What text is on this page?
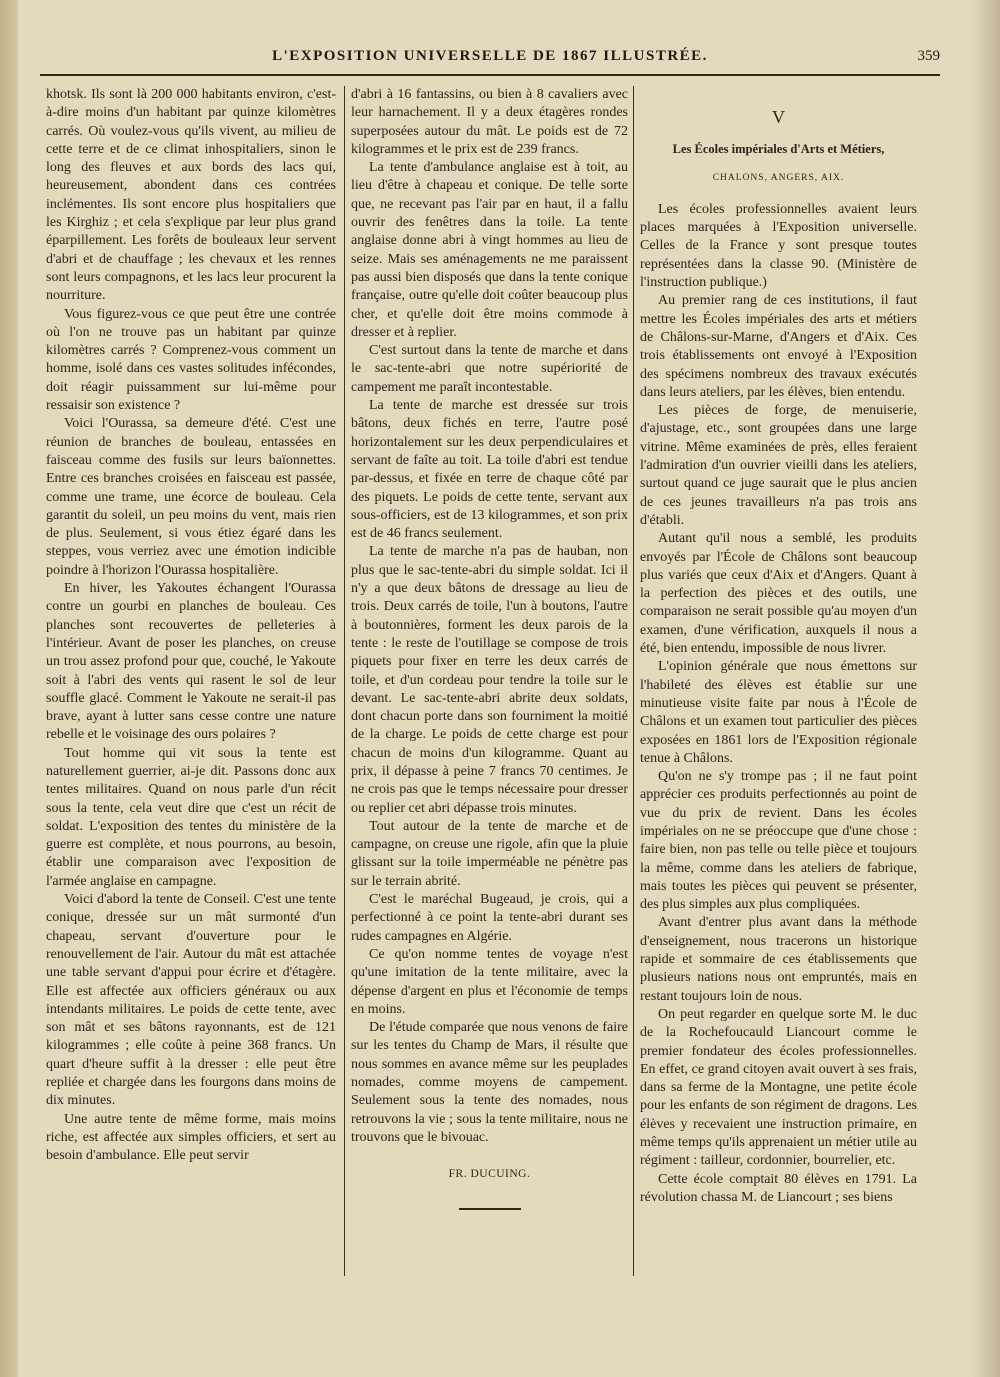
L'EXPOSITION UNIVERSELLE DE 1867 ILLUSTRÉE.	359

khotsk. Ils sont là 200 000 habitants environ, c'est-à-dire moins d'un habitant par quinze kilomètres carrés. Où voulez-vous qu'ils vivent, au milieu de cette terre et de ce climat inhospitaliers, sinon le long des fleuves et aux bords des lacs qui, heureusement, abondent dans ces contrées inclémentes. Ils sont encore plus hospitaliers que les Kirghiz ; et cela s'explique par leur plus grand éparpillement. Les forêts de bouleaux leur servent d'abri et de chauffage ; les chevaux et les rennes sont leurs compagnons, et les lacs leur procurent la nourriture.

Vous figurez-vous ce que peut être une contrée où l'on ne trouve pas un habitant par quinze kilomètres carrés ? Comprenez-vous comment un homme, isolé dans ces vastes solitudes infécondes, doit réagir puissamment sur lui-même pour ressaisir son existence ?

Voici l'Ourassa, sa demeure d'été. C'est une réunion de branches de bouleau, entassées en faisceau comme des fusils sur leurs baïonnettes. Entre ces branches croisées en faisceau est passée, comme une trame, une écorce de bouleau. Cela garantit du soleil, un peu moins du vent, mais rien de plus. Seulement, si vous étiez égaré dans les steppes, vous verriez avec une émotion indicible poindre à l'horizon l'Ourassa hospitalière.

En hiver, les Yakoutes échangent l'Ourassa contre un gourbi en planches de bouleau. Ces planches sont recouvertes de pelleteries à l'intérieur. Avant de poser les planches, on creuse un trou assez profond pour que, couché, le Yakoute soit à l'abri des vents qui rasent le sol de leur souffle glacé. Comment le Yakoute ne serait-il pas brave, ayant à lutter sans cesse contre une nature rebelle et le voisinage des ours polaires ?

Tout homme qui vit sous la tente est naturellement guerrier, ai-je dit. Passons donc aux tentes militaires. Quand on nous parle d'un récit sous la tente, cela veut dire que c'est un récit de soldat. L'exposition des tentes du ministère de la guerre est complète, et nous pourrons, au besoin, établir une comparaison avec l'exposition de l'armée anglaise en campagne.

Voici d'abord la tente de Conseil. C'est une tente conique, dressée sur un mât surmonté d'un chapeau, servant d'ouverture pour le renouvellement de l'air. Autour du mât est attachée une table servant d'appui pour écrire et d'étagère. Elle est affectée aux officiers généraux ou aux intendants militaires. Le poids de cette tente, avec son mât et ses bâtons rayonnants, est de 121 kilogrammes ; elle coûte à peine 368 francs. Un quart d'heure suffit à la dresser : elle peut être repliée et chargée dans les fourgons dans moins de dix minutes.

Une autre tente de même forme, mais moins riche, est affectée aux simples officiers, et sert au besoin d'ambulance. Elle peut servir

d'abri à 16 fantassins, ou bien à 8 cavaliers avec leur harnachement. Il y a deux étagères rondes superposées autour du mât. Le poids est de 72 kilogrammes et le prix est de 239 francs.

La tente d'ambulance anglaise est à toit, au lieu d'être à chapeau et conique. De telle sorte que, ne recevant pas l'air par en haut, il a fallu ouvrir des fenêtres dans la toile. La tente anglaise donne abri à vingt hommes au lieu de seize. Mais ses aménagements ne me paraissent pas aussi bien disposés que dans la tente conique française, outre qu'elle doit coûter beaucoup plus cher, et qu'elle doit être moins commode à dresser et à replier.

C'est surtout dans la tente de marche et dans le sac-tente-abri que notre supériorité de campement me paraît incontestable.

La tente de marche est dressée sur trois bâtons, deux fichés en terre, l'autre posé horizontalement sur les deux perpendiculaires et servant de faîte au toit. La toile d'abri est tendue par-dessus, et fixée en terre de chaque côté par des piquets. Le poids de cette tente, servant aux sous-officiers, est de 13 kilogrammes, et son prix est de 46 francs seulement.

La tente de marche n'a pas de hauban, non plus que le sac-tente-abri du simple soldat. Ici il n'y a que deux bâtons de dressage au lieu de trois. Deux carrés de toile, l'un à boutons, l'autre à boutonnières, forment les deux parois de la tente : le reste de l'outillage se compose de trois piquets pour fixer en terre les deux carrés de toile, et d'un cordeau pour tendre la toile sur le devant. Le sac-tente-abri abrite deux soldats, dont chacun porte dans son fourniment la moitié de la charge. Le poids de cette charge est pour chacun de moins d'un kilogramme. Quant au prix, il dépasse à peine 7 francs 70 centimes. Je ne crois pas que le temps nécessaire pour dresser ou replier cet abri dépasse trois minutes.

Tout autour de la tente de marche et de campagne, on creuse une rigole, afin que la pluie glissant sur la toile imperméable ne pénètre pas sur le terrain abrité.

C'est le maréchal Bugeaud, je crois, qui a perfectionné à ce point la tente-abri durant ses rudes campagnes en Algérie.

Ce qu'on nomme tentes de voyage n'est qu'une imitation de la tente militaire, avec la dépense d'argent en plus et l'économie de temps en moins.

De l'étude comparée que nous venons de faire sur les tentes du Champ de Mars, il résulte que nous sommes en avance même sur les peuplades nomades, comme moyens de campement. Seulement sous la tente des nomades, nous retrouvons la vie ; sous la tente militaire, nous ne trouvons que le bivouac.

FR. DUCUING.
V
Les Écoles impériales d'Arts et Métiers,
CHALONS, ANGERS, AIX.

Les écoles professionnelles avaient leurs places marquées à l'Exposition universelle. Celles de la France y sont presque toutes représentées dans la classe 90. (Ministère de l'instruction publique.)

Au premier rang de ces institutions, il faut mettre les Écoles impériales des arts et métiers de Châlons-sur-Marne, d'Angers et d'Aix. Ces trois établissements ont envoyé à l'Exposition des spécimens nombreux des travaux exécutés dans leurs ateliers, par les élèves, bien entendu.

Les pièces de forge, de menuiserie, d'ajustage, etc., sont groupées dans une large vitrine. Même examinées de près, elles feraient l'admiration d'un ouvrier vieilli dans les ateliers, surtout quand ce juge saurait que le plus ancien de ces jeunes travailleurs n'a pas trois ans d'établi.

Autant qu'il nous a semblé, les produits envoyés par l'École de Châlons sont beaucoup plus variés que ceux d'Aix et d'Angers. Quant à la perfection des pièces et des outils, une comparaison ne serait possible qu'au moyen d'un examen, d'une vérification, auxquels il nous a été, bien entendu, impossible de nous livrer.

L'opinion générale que nous émettons sur l'habileté des élèves est établie sur une minutieuse visite faite par nous à l'École de Châlons et un examen tout particulier des pièces exposées en 1861 lors de l'Exposition régionale tenue à Châlons.

Qu'on ne s'y trompe pas ; il ne faut point apprécier ces produits perfectionnés au point de vue du prix de revient. Dans les écoles impériales on ne se préoccupe que d'une chose : faire bien, non pas telle ou telle pièce et toujours la même, comme dans les ateliers de fabrique, mais toutes les pièces qui peuvent se présenter, des plus simples aux plus compliquées.

Avant d'entrer plus avant dans la méthode d'enseignement, nous tracerons un historique rapide et sommaire de ces établissements que plusieurs nations nous ont empruntés, mais en restant toujours loin de nous.

On peut regarder en quelque sorte M. le duc de la Rochefoucauld Liancourt comme le premier fondateur des écoles professionnelles. En effet, ce grand citoyen avait ouvert à ses frais, dans sa ferme de la Montagne, une petite école pour les enfants de son régiment de dragons. Les élèves y recevaient une instruction primaire, en même temps qu'ils apprenaient un métier utile au régiment : tailleur, cordonnier, bourrelier, etc.

Cette école comptait 80 élèves en 1791. La révolution chassa M. de Liancourt ; ses biens
